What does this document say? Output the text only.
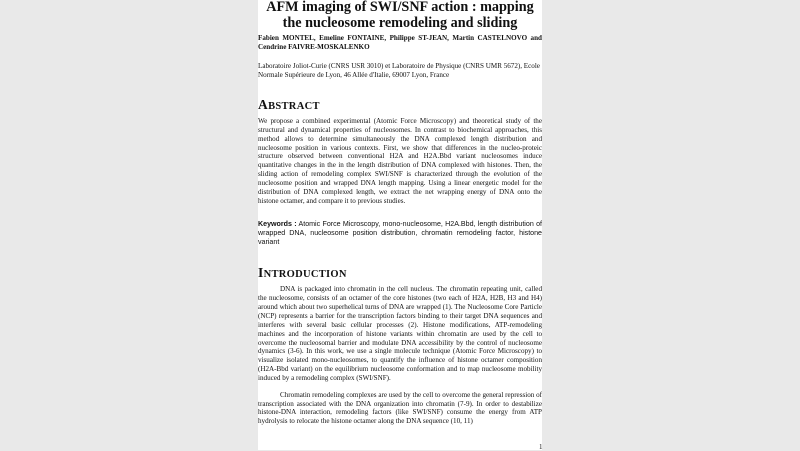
AFM imaging of SWI/SNF action : mapping the nucleosome remodeling and sliding
Fabien MONTEL, Emeline FONTAINE, Philippe ST-JEAN, Martin CASTELNOVO and Cendrine FAIVRE-MOSKALENKO
Laboratoire Joliot-Curie (CNRS USR 3010) et Laboratoire de Physique (CNRS UMR 5672), Ecole Normale Supérieure de Lyon, 46 Allée d'Italie, 69007 Lyon, France
ABSTRACT

We propose a combined experimental (Atomic Force Microscopy) and theoretical study of the structural and dynamical properties of nucleosomes. In contrast to biochemical approaches, this method allows to determine simultaneously the DNA complexed length distribution and nucleosome position in various contexts. First, we show that differences in the nucleo-proteic structure observed between conventional H2A and H2A.Bbd variant nucleosomes induce quantitative changes in the in the length distribution of DNA complexed with histones. Then, the sliding action of remodeling complex SWI/SNF is characterized through the evolution of the nucleosome position and wrapped DNA length mapping. Using a linear energetic model for the distribution of DNA complexed length, we extract the net wrapping energy of DNA onto the histone octamer, and compare it to previous studies.

Keywords : Atomic Force Microscopy, mono-nucleosome, H2A.Bbd, length distribution of wrapped DNA, nucleosome position distribution, chromatin remodeling factor, histone variant
INTRODUCTION

DNA is packaged into chromatin in the cell nucleus. The chromatin repeating unit, called the nucleosome, consists of an octamer of the core histones (two each of H2A, H2B, H3 and H4) around which about two superhelical turns of DNA are wrapped (1). The Nucleosome Core Particle (NCP) represents a barrier for the transcription factors binding to their target DNA sequences and interferes with several basic cellular processes (2). Histone modifications, ATP-remodeling machines and the incorporation of histone variants within chromatin are used by the cell to overcome the nucleosomal barrier and modulate DNA accessibility by the control of nucleosome dynamics (3-6). In this work, we use a single molecule technique (Atomic Force Microscopy) to visualize isolated mono-nucleosomes, to quantify the influence of histone octamer composition (H2A-Bbd variant) on the equilibrium nucleosome conformation and to map nucleosome mobility induced by a remodeling complex (SWI/SNF).

Chromatin remodeling complexes are used by the cell to overcome the general repression of transcription associated with the DNA organization into chromatin (7-9). In order to destabilize histone-DNA interaction, remodeling factors (like SWI/SNF) consume the energy from ATP hydrolysis to relocate the histone octamer along the DNA sequence (10, 11)

1
